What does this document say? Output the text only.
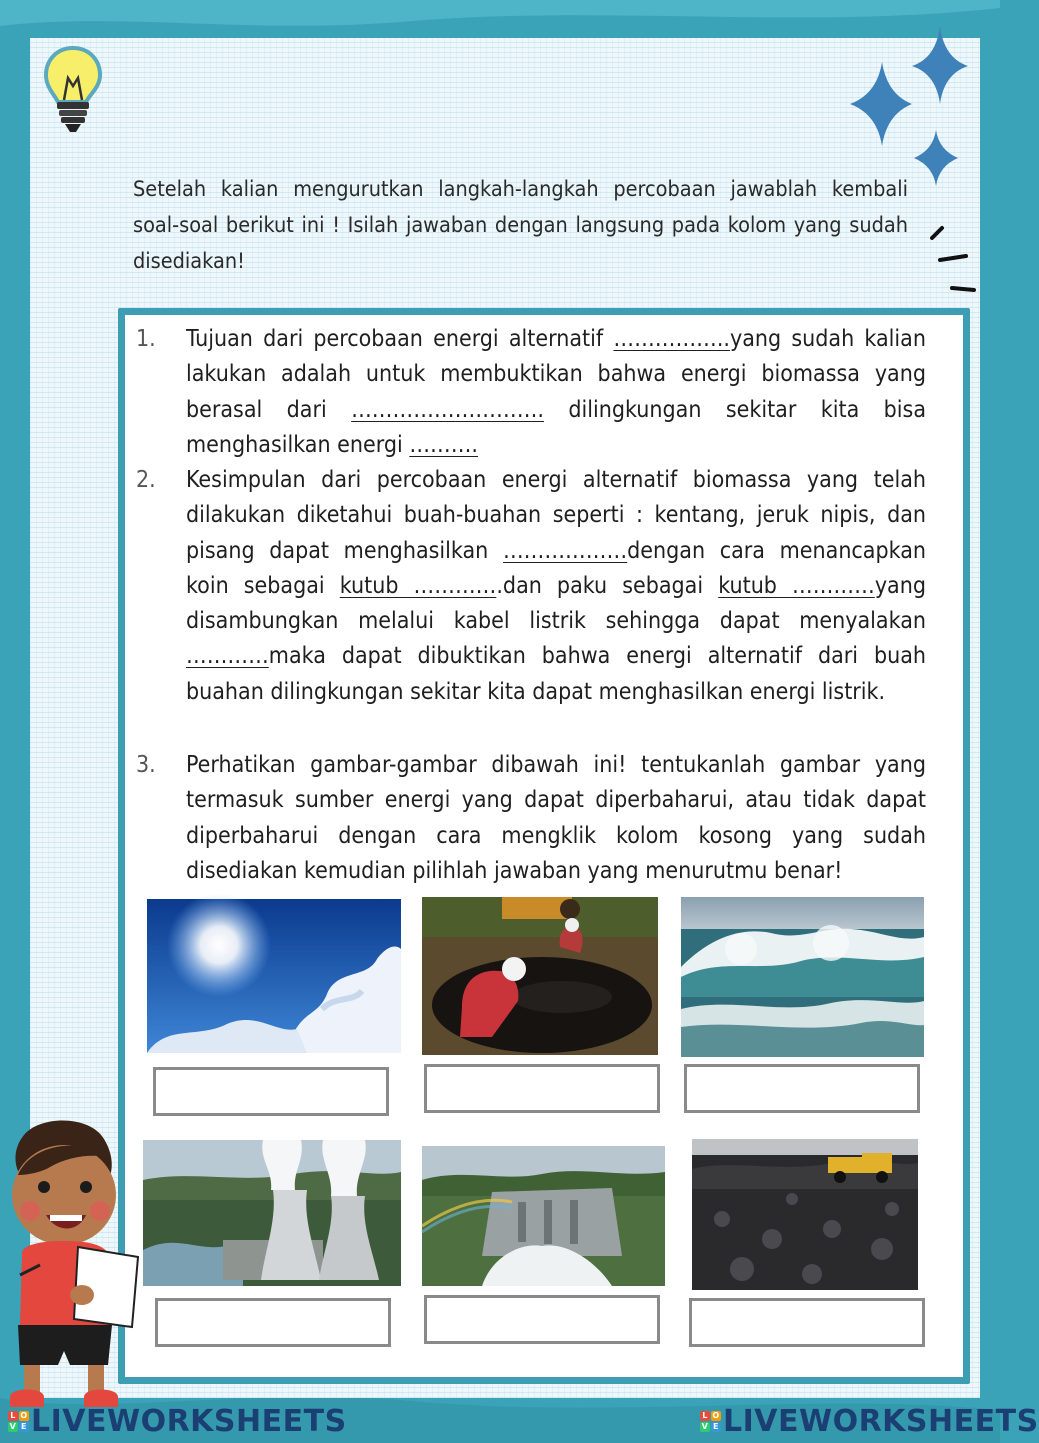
Setelah kalian mengurutkan langkah-langkah percobaan jawablah kembali soal-soal berikut ini ! Isilah jawaban dengan langsung pada kolom yang sudah disediakan!
1.	Tujuan dari percobaan energi alternatif ……………..yang sudah kalian lakukan adalah untuk membuktikan bahwa energi biomassa yang berasal dari ………………………. dilingkungan sekitar kita bisa menghasilkan energi ……….
2.	Kesimpulan dari percobaan energi alternatif biomassa yang telah dilakukan diketahui buah-buahan seperti : kentang, jeruk nipis, dan pisang dapat menghasilkan ………………dengan cara menancapkan koin sebagai kutub ………….dan paku sebagai kutub …………yang disambungkan melalui kabel listrik sehingga dapat menyalakan …………maka dapat dibuktikan bahwa energi alternatif dari buah buahan dilingkungan sekitar kita dapat menghasilkan energi listrik.
3.	Perhatikan gambar-gambar dibawah ini! tentukanlah gambar yang termasuk sumber energi yang dapat diperbaharui, atau tidak dapat diperbaharui dengan cara mengklik kolom kosong yang sudah disediakan kemudian pilihlah jawaban yang menurutmu benar!
L O
V E LIVEWORKSHEETS	L O
V E LIVEWORKSHEETS
